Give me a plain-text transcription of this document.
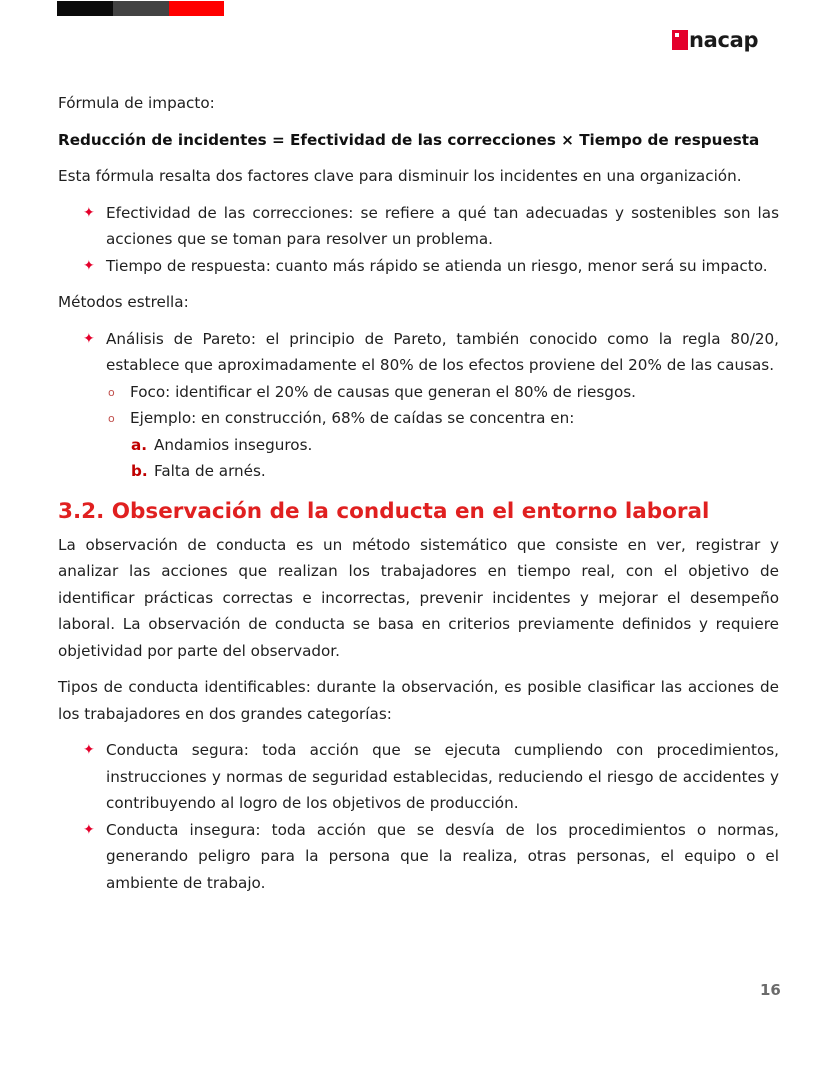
nacap

Fórmula de impacto:

Reducción de incidentes = Efectividad de las correcciones × Tiempo de respuesta

Esta fórmula resalta dos factores clave para disminuir los incidentes en una organización.

✦ Efectividad de las correcciones: se refiere a qué tan adecuadas y sostenibles son las acciones que se toman para resolver un problema.
✦ Tiempo de respuesta: cuanto más rápido se atienda un riesgo, menor será su impacto.

Métodos estrella:

✦ Análisis de Pareto: el principio de Pareto, también conocido como la regla 80/20, establece que aproximadamente el 80% de los efectos proviene del 20% de las causas.
o Foco: identificar el 20% de causas que generan el 80% de riesgos.
o Ejemplo: en construcción, 68% de caídas se concentra en:
a. Andamios inseguros.
b. Falta de arnés.
3.2. Observación de la conducta en el entorno laboral

La observación de conducta es un método sistemático que consiste en ver, registrar y analizar las acciones que realizan los trabajadores en tiempo real, con el objetivo de identificar prácticas correctas e incorrectas, prevenir incidentes y mejorar el desempeño laboral. La observación de conducta se basa en criterios previamente definidos y requiere objetividad por parte del observador.

Tipos de conducta identificables: durante la observación, es posible clasificar las acciones de los trabajadores en dos grandes categorías:

✦ Conducta segura: toda acción que se ejecuta cumpliendo con procedimientos, instrucciones y normas de seguridad establecidas, reduciendo el riesgo de accidentes y contribuyendo al logro de los objetivos de producción.
✦ Conducta insegura: toda acción que se desvía de los procedimientos o normas, generando peligro para la persona que la realiza, otras personas, el equipo o el ambiente de trabajo.
16
